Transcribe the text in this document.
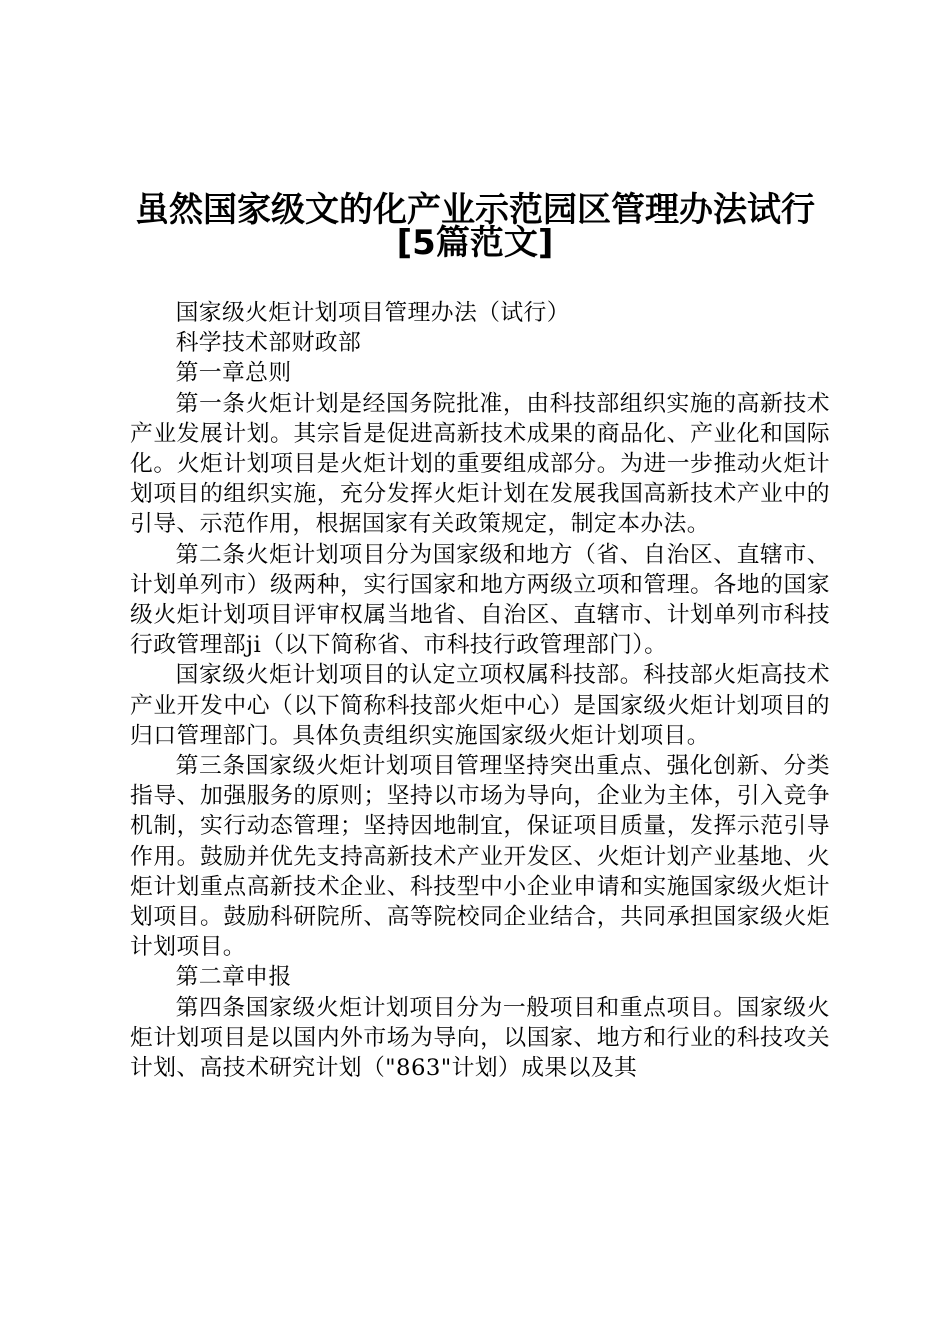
虽然国家级文的化产业示范园区管理办法试行
[5篇范文]

国家级火炬计划项目管理办法（试行）

科学技术部财政部

第一章总则

第一条火炬计划是经国务院批准，由科技部组织实施的高新技术产业发展计划。其宗旨是促进高新技术成果的商品化、产业化和国际化。火炬计划项目是火炬计划的重要组成部分。为进一步推动火炬计划项目的组织实施，充分发挥火炬计划在发展我国高新技术产业中的引导、示范作用，根据国家有关政策规定，制定本办法。

第二条火炬计划项目分为国家级和地方（省、自治区、直辖市、计划单列市）级两种，实行国家和地方两级立项和管理。各地的国家级火炬计划项目评审权属当地省、自治区、直辖市、计划单列市科技行政管理部ji（以下简称省、市科技行政管理部门）。

国家级火炬计划项目的认定立项权属科技部。科技部火炬高技术产业开发中心（以下简称科技部火炬中心）是国家级火炬计划项目的归口管理部门。具体负责组织实施国家级火炬计划项目。

第三条国家级火炬计划项目管理坚持突出重点、强化创新、分类指导、加强服务的原则；坚持以市场为导向，企业为主体，引入竞争机制，实行动态管理；坚持因地制宜，保证项目质量，发挥示范引导作用。鼓励并优先支持高新技术产业开发区、火炬计划产业基地、火炬计划重点高新技术企业、科技型中小企业申请和实施国家级火炬计划项目。鼓励科研院所、高等院校同企业结合，共同承担国家级火炬计划项目。

第二章申报

第四条国家级火炬计划项目分为一般项目和重点项目。国家级火炬计划项目是以国内外市场为导向，以国家、地方和行业的科技攻关计划、高技术研究计划（"863"计划）成果以及其
